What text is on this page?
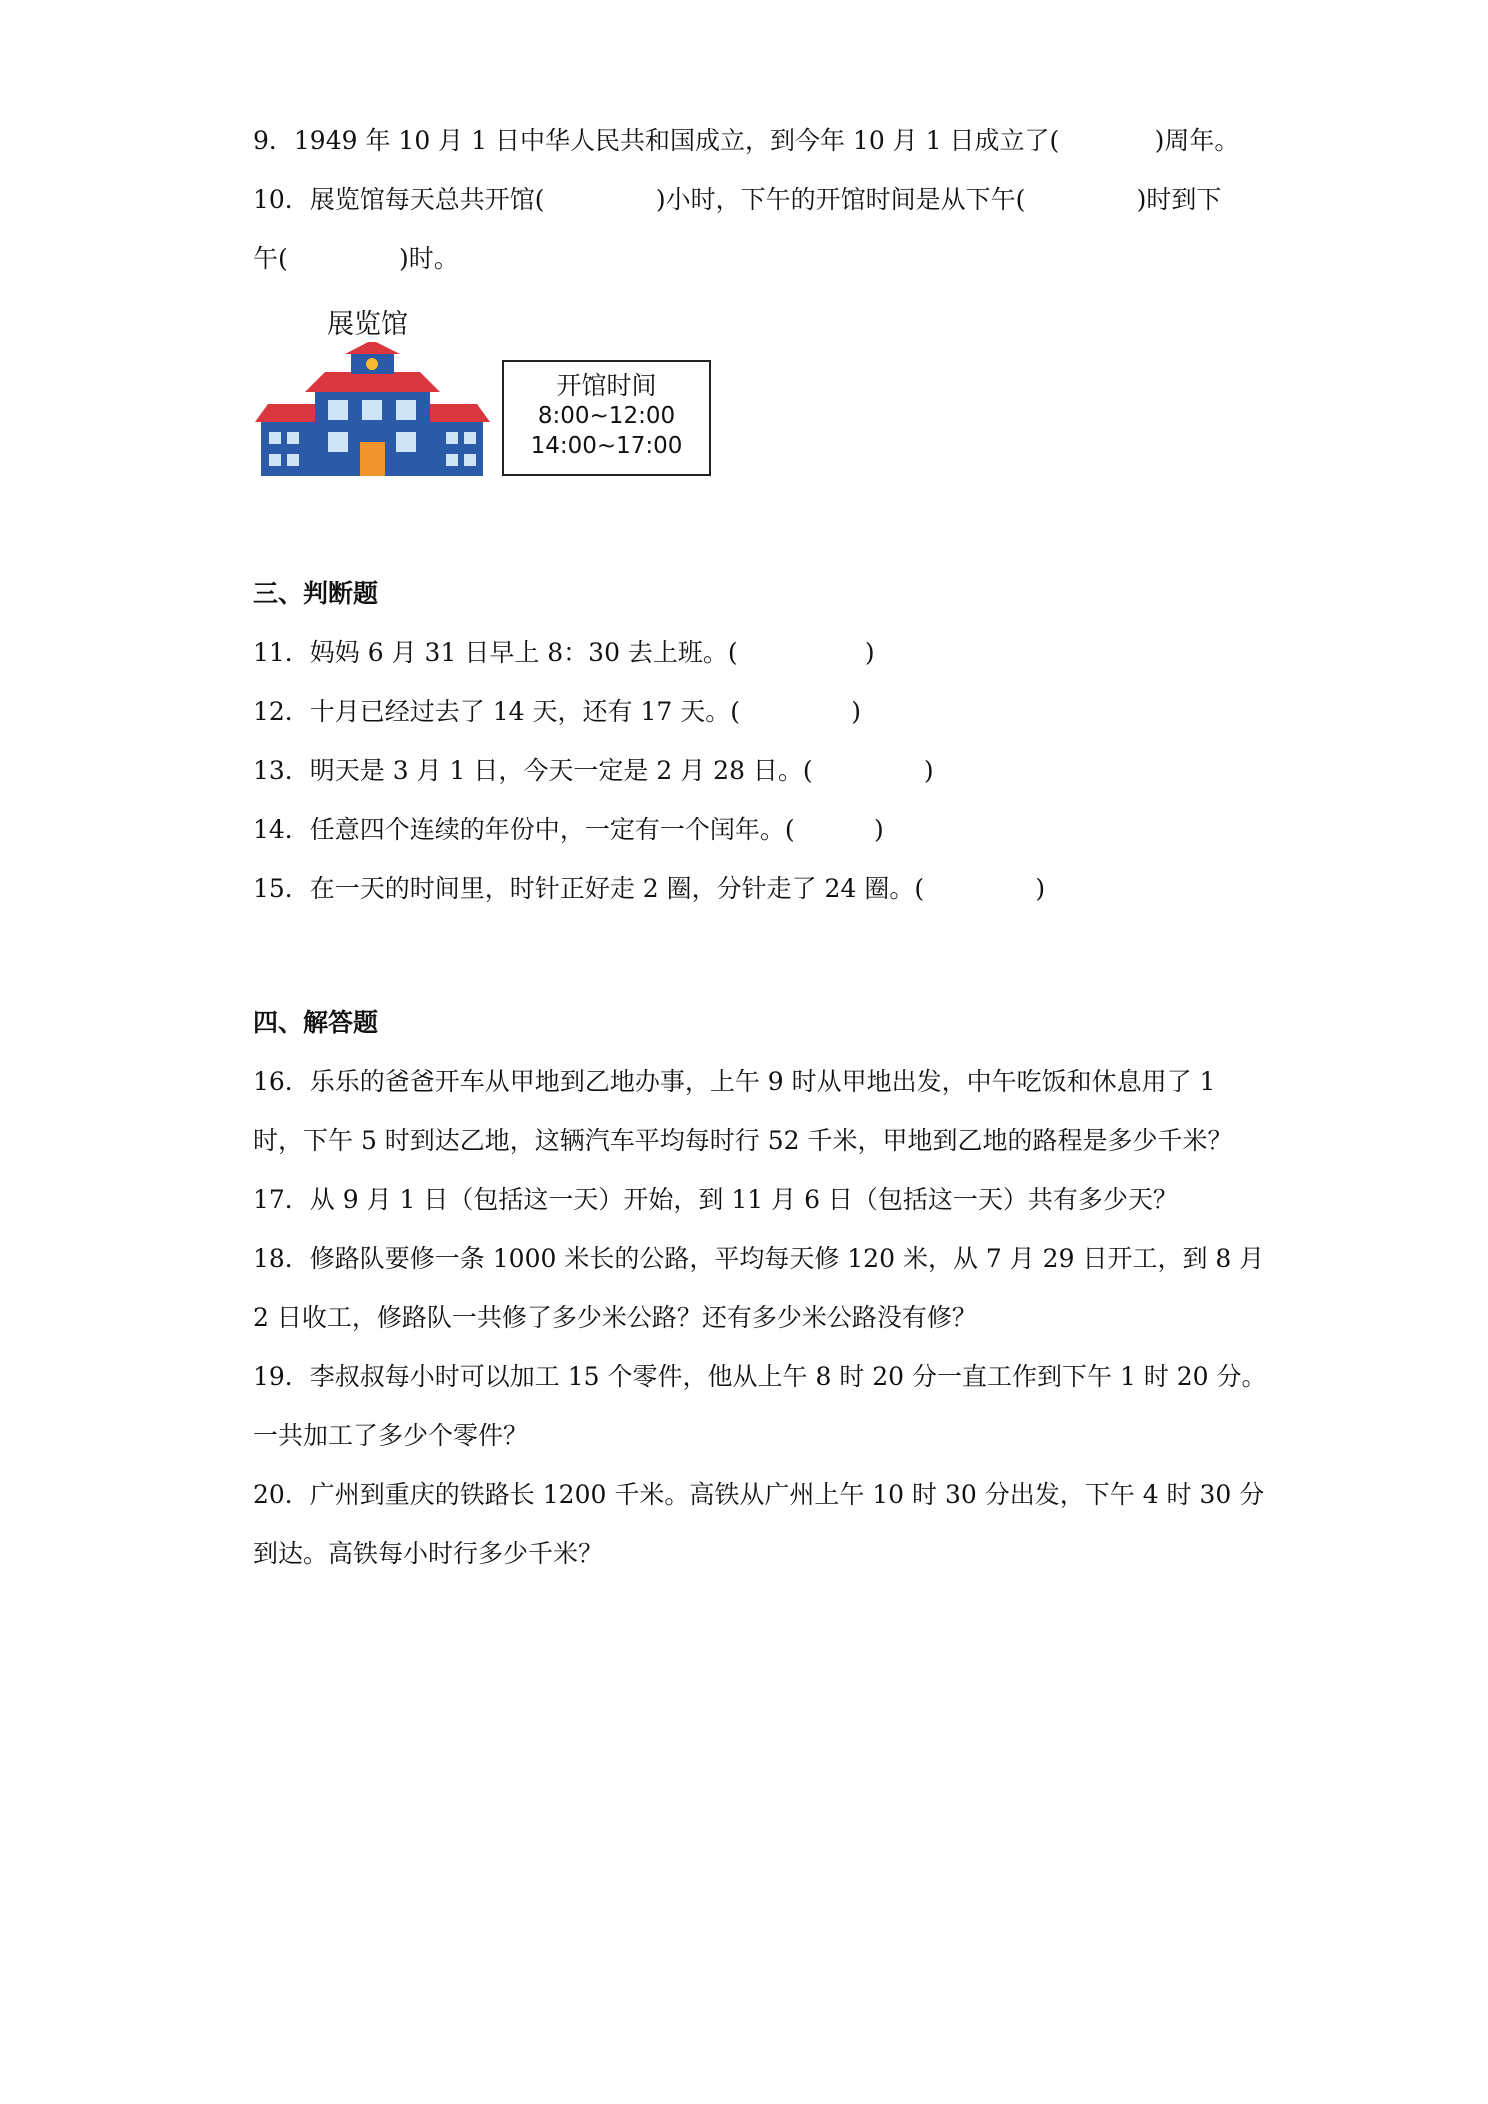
9．1949 年 10 月 1 日中华人民共和国成立，到今年 10 月 1 日成立了(            )周年。
10．展览馆每天总共开馆(              )小时，下午的开馆时间是从下午(              )时到下
午(              )时。
展览馆
开馆时间
8:00~12:00
14:00~17:00
三、判断题
11．妈妈 6 月 31 日早上 8：30 去上班。(                )
12．十月已经过去了 14 天，还有 17 天。(              )
13．明天是 3 月 1 日，今天一定是 2 月 28 日。(              )
14．任意四个连续的年份中，一定有一个闰年。(          )
15．在一天的时间里，时针正好走 2 圈，分针走了 24 圈。(              )
四、解答题
16．乐乐的爸爸开车从甲地到乙地办事，上午 9 时从甲地出发，中午吃饭和休息用了 1
时，下午 5 时到达乙地，这辆汽车平均每时行 52 千米，甲地到乙地的路程是多少千米？
17．从 9 月 1 日（包括这一天）开始，到 11 月 6 日（包括这一天）共有多少天？
18．修路队要修一条 1000 米长的公路，平均每天修 120 米，从 7 月 29 日开工，到 8 月
2 日收工，修路队一共修了多少米公路？还有多少米公路没有修？
19．李叔叔每小时可以加工 15 个零件，他从上午 8 时 20 分一直工作到下午 1 时 20 分。
一共加工了多少个零件？
20．广州到重庆的铁路长 1200 千米。高铁从广州上午 10 时 30 分出发，下午 4 时 30 分
到达。高铁每小时行多少千米？
